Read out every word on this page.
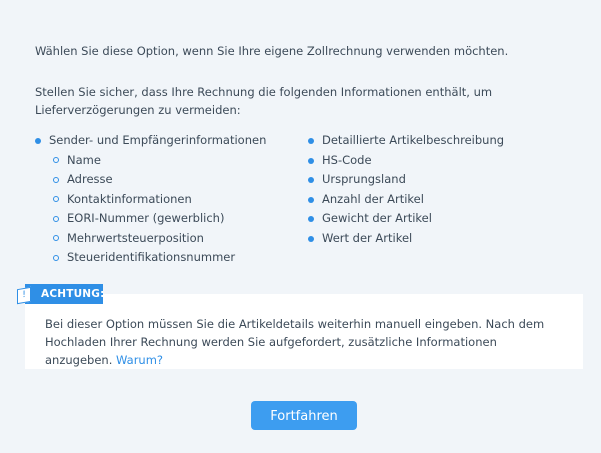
Wählen Sie diese Option, wenn Sie Ihre eigene Zollrechnung verwenden möchten.
Stellen Sie sicher, dass Ihre Rechnung die folgenden Informationen enthält, um Lieferverzögerungen zu vermeiden:
Sender- und Empfängerinformationen
Name
Adresse
Kontaktinformationen
EORI-Nummer (gewerblich)
Mehrwertsteuerposition
Steueridentifikationsnummer
Detaillierte Artikelbeschreibung
HS-Code
Ursprungsland
Anzahl der Artikel
Gewicht der Artikel
Wert der Artikel
Bei dieser Option müssen Sie die Artikeldetails weiterhin manuell eingeben. Nach dem Hochladen Ihrer Rechnung werden Sie aufgefordert, zusätzliche Informationen anzugeben. Warum?
ACHTUNG:
!
Fortfahren
